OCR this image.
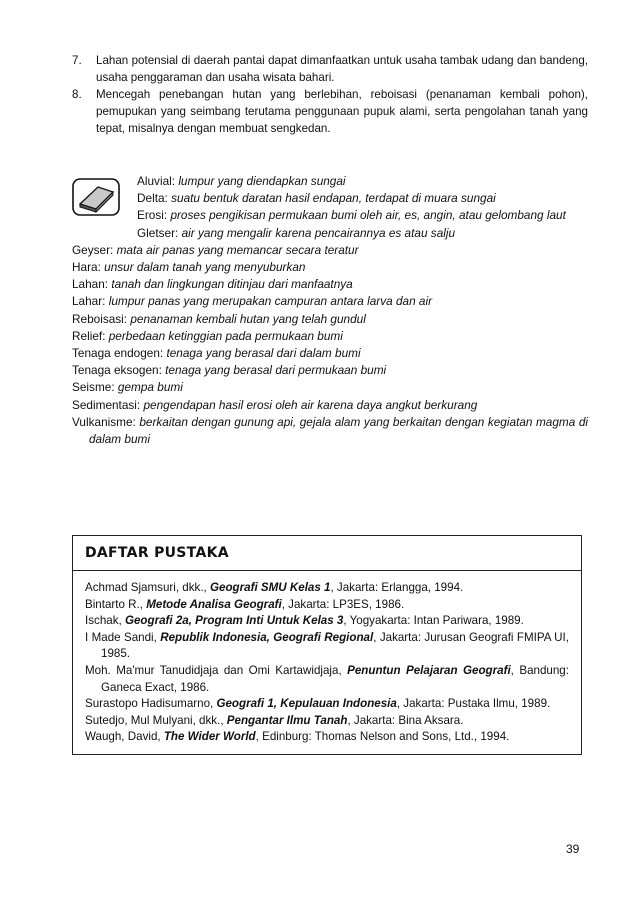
7. Lahan potensial di daerah pantai dapat dimanfaatkan untuk usaha tambak udang dan bandeng, usaha penggaraman dan usaha wisata bahari.
8. Mencegah penebangan hutan yang berlebihan, reboisasi (penanaman kembali pohon), pemupukan yang seimbang terutama penggunaan pupuk alami, serta pengolahan tanah yang tepat, misalnya dengan membuat sengkedan.
Aluvial: lumpur yang diendapkan sungai
Delta: suatu bentuk daratan hasil endapan, terdapat di muara sungai
Erosi: proses pengikisan permukaan bumi oleh air, es, angin, atau gelombang laut
Gletser: air yang mengalir karena pencairannya es atau salju
Geyser: mata air panas yang memancar secara teratur
Hara: unsur dalam tanah yang menyuburkan
Lahan: tanah dan lingkungan ditinjau dari manfaatnya
Lahar: lumpur panas yang merupakan campuran antara larva dan air
Reboisasi: penanaman kembali hutan yang telah gundul
Relief: perbedaan ketinggian pada permukaan bumi
Tenaga endogen: tenaga yang berasal dari dalam bumi
Tenaga eksogen: tenaga yang berasal dari permukaan bumi
Seisme: gempa bumi
Sedimentasi: pengendapan hasil erosi oleh air karena daya angkut berkurang
Vulkanisme: berkaitan dengan gunung api, gejala alam yang berkaitan dengan kegiatan magma di dalam bumi
DAFTAR PUSTAKA
Achmad Sjamsuri, dkk., Geografi SMU Kelas 1, Jakarta: Erlangga, 1994.
Bintarto R., Metode Analisa Geografi, Jakarta: LP3ES, 1986.
Ischak, Geografi 2a, Program Inti Untuk Kelas 3, Yogyakarta: Intan Pariwara, 1989.
I Made Sandi, Republik Indonesia, Geografi Regional, Jakarta: Jurusan Geografi FMIPA UI, 1985.
Moh. Ma'mur Tanudidjaja dan Omi Kartawidjaja, Penuntun Pelajaran Geografi, Bandung: Ganeca Exact, 1986.
Surastopo Hadisumarno, Geografi 1, Kepulauan Indonesia, Jakarta: Pustaka Ilmu, 1989.
Sutedjo, Mul Mulyani, dkk., Pengantar Ilmu Tanah, Jakarta: Bina Aksara.
Waugh, David, The Wider World, Edinburg: Thomas Nelson and Sons, Ltd., 1994.
39
